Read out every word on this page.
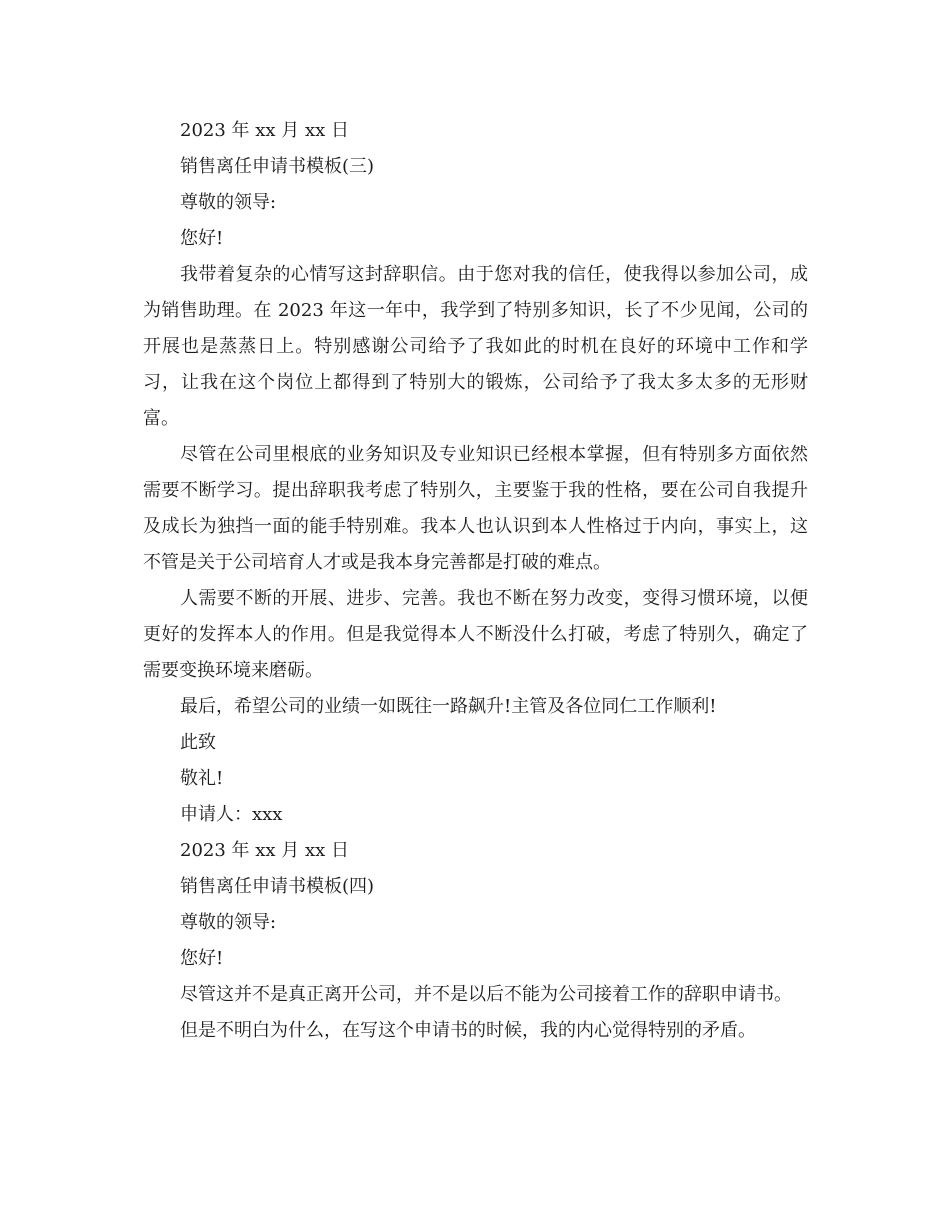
2023 年 xx 月 xx 日
销售离任申请书模板(三)
尊敬的领导:
您好!

我带着复杂的心情写这封辞职信。由于您对我的信任，使我得以参加公司，成为销售助理。在 2023 年这一年中，我学到了特别多知识，长了不少见闻，公司的开展也是蒸蒸日上。特别感谢公司给予了我如此的时机在良好的环境中工作和学习，让我在这个岗位上都得到了特别大的锻炼，公司给予了我太多太多的无形财富。

尽管在公司里根底的业务知识及专业知识已经根本掌握，但有特别多方面依然需要不断学习。提出辞职我考虑了特别久，主要鉴于我的性格，要在公司自我提升及成长为独挡一面的能手特别难。我本人也认识到本人性格过于内向，事实上，这不管是关于公司培育人才或是我本身完善都是打破的难点。

人需要不断的开展、进步、完善。我也不断在努力改变，变得习惯环境，以便更好的发挥本人的作用。但是我觉得本人不断没什么打破，考虑了特别久，确定了需要变换环境来磨砺。

最后，希望公司的业绩一如既往一路飙升!主管及各位同仁工作顺利!
此致
敬礼!
申请人：xxx
2023 年 xx 月 xx 日
销售离任申请书模板(四)
尊敬的领导:
您好!

尽管这并不是真正离开公司，并不是以后不能为公司接着工作的辞职申请书。

但是不明白为什么，在写这个申请书的时候，我的内心觉得特别的矛盾。
